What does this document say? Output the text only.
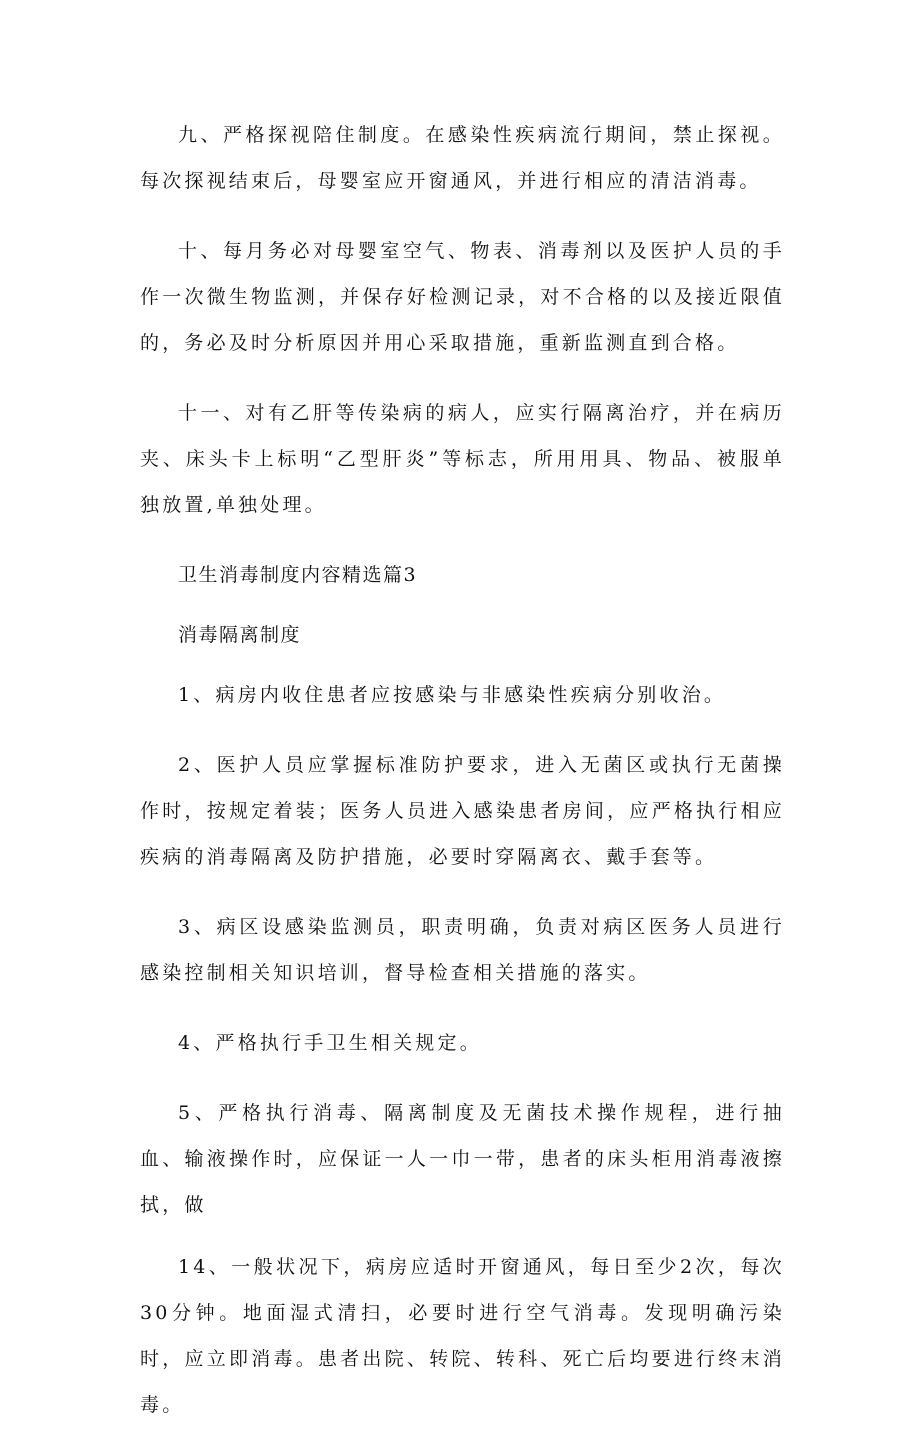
九、严格探视陪住制度。在感染性疾病流行期间，禁止探视。每次探视结束后，母婴室应开窗通风，并进行相应的清洁消毒。

十、每月务必对母婴室空气、物表、消毒剂以及医护人员的手作一次微生物监测，并保存好检测记录，对不合格的以及接近限值的，务必及时分析原因并用心采取措施，重新监测直到合格。

十一、对有乙肝等传染病的病人，应实行隔离治疗，并在病历夹、床头卡上标明“乙型肝炎”等标志，所用用具、物品、被服单独放置,单独处理。

卫生消毒制度内容精选篇3

消毒隔离制度

1、病房内收住患者应按感染与非感染性疾病分别收治。

2、医护人员应掌握标准防护要求，进入无菌区或执行无菌操作时，按规定着装；医务人员进入感染患者房间，应严格执行相应疾病的消毒隔离及防护措施，必要时穿隔离衣、戴手套等。

3、病区设感染监测员，职责明确，负责对病区医务人员进行感染控制相关知识培训，督导检查相关措施的落实。

4、严格执行手卫生相关规定。

5、严格执行消毒、隔离制度及无菌技术操作规程，进行抽血、输液操作时，应保证一人一巾一带，患者的床头柜用消毒液擦拭，做

14、一般状况下，病房应适时开窗通风，每日至少2次，每次30分钟。地面湿式清扫，必要时进行空气消毒。发现明确污染时，应立即消毒。患者出院、转院、转科、死亡后均要进行终末消毒。
